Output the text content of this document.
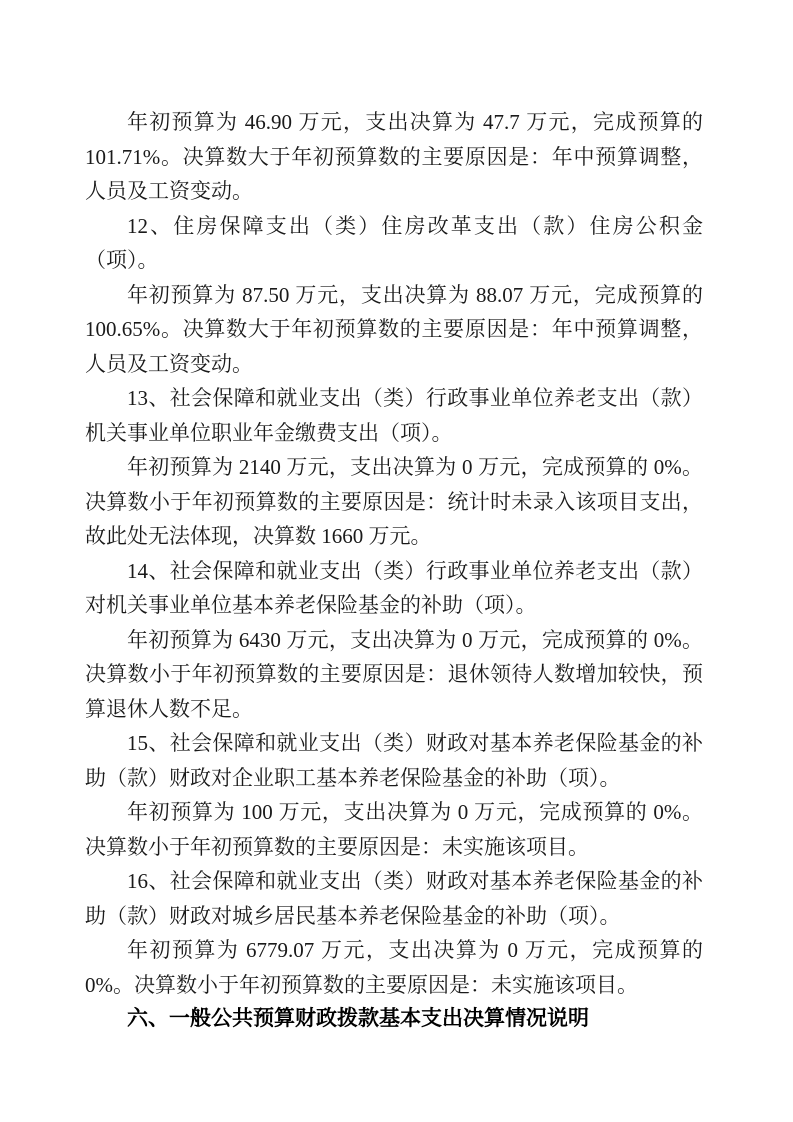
年初预算为 46.90 万元，支出决算为 47.7 万元，完成预算的 101.71%。决算数大于年初预算数的主要原因是：年中预算调整，人员及工资变动。

12、住房保障支出（类）住房改革支出（款）住房公积金（项）。

年初预算为 87.50 万元，支出决算为 88.07 万元，完成预算的 100.65%。决算数大于年初预算数的主要原因是：年中预算调整，人员及工资变动。

13、社会保障和就业支出（类）行政事业单位养老支出（款）机关事业单位职业年金缴费支出（项）。

年初预算为 2140 万元，支出决算为 0 万元，完成预算的 0%。决算数小于年初预算数的主要原因是：统计时未录入该项目支出，故此处无法体现，决算数 1660 万元。

14、社会保障和就业支出（类）行政事业单位养老支出（款）对机关事业单位基本养老保险基金的补助（项）。

年初预算为 6430 万元，支出决算为 0 万元，完成预算的 0%。决算数小于年初预算数的主要原因是：退休领待人数增加较快，预算退休人数不足。

15、社会保障和就业支出（类）财政对基本养老保险基金的补助（款）财政对企业职工基本养老保险基金的补助（项）。

年初预算为 100 万元，支出决算为 0 万元，完成预算的 0%。决算数小于年初预算数的主要原因是：未实施该项目。

16、社会保障和就业支出（类）财政对基本养老保险基金的补助（款）财政对城乡居民基本养老保险基金的补助（项）。

年初预算为 6779.07 万元，支出决算为 0 万元，完成预算的 0%。决算数小于年初预算数的主要原因是：未实施该项目。

六、一般公共预算财政拨款基本支出决算情况说明
